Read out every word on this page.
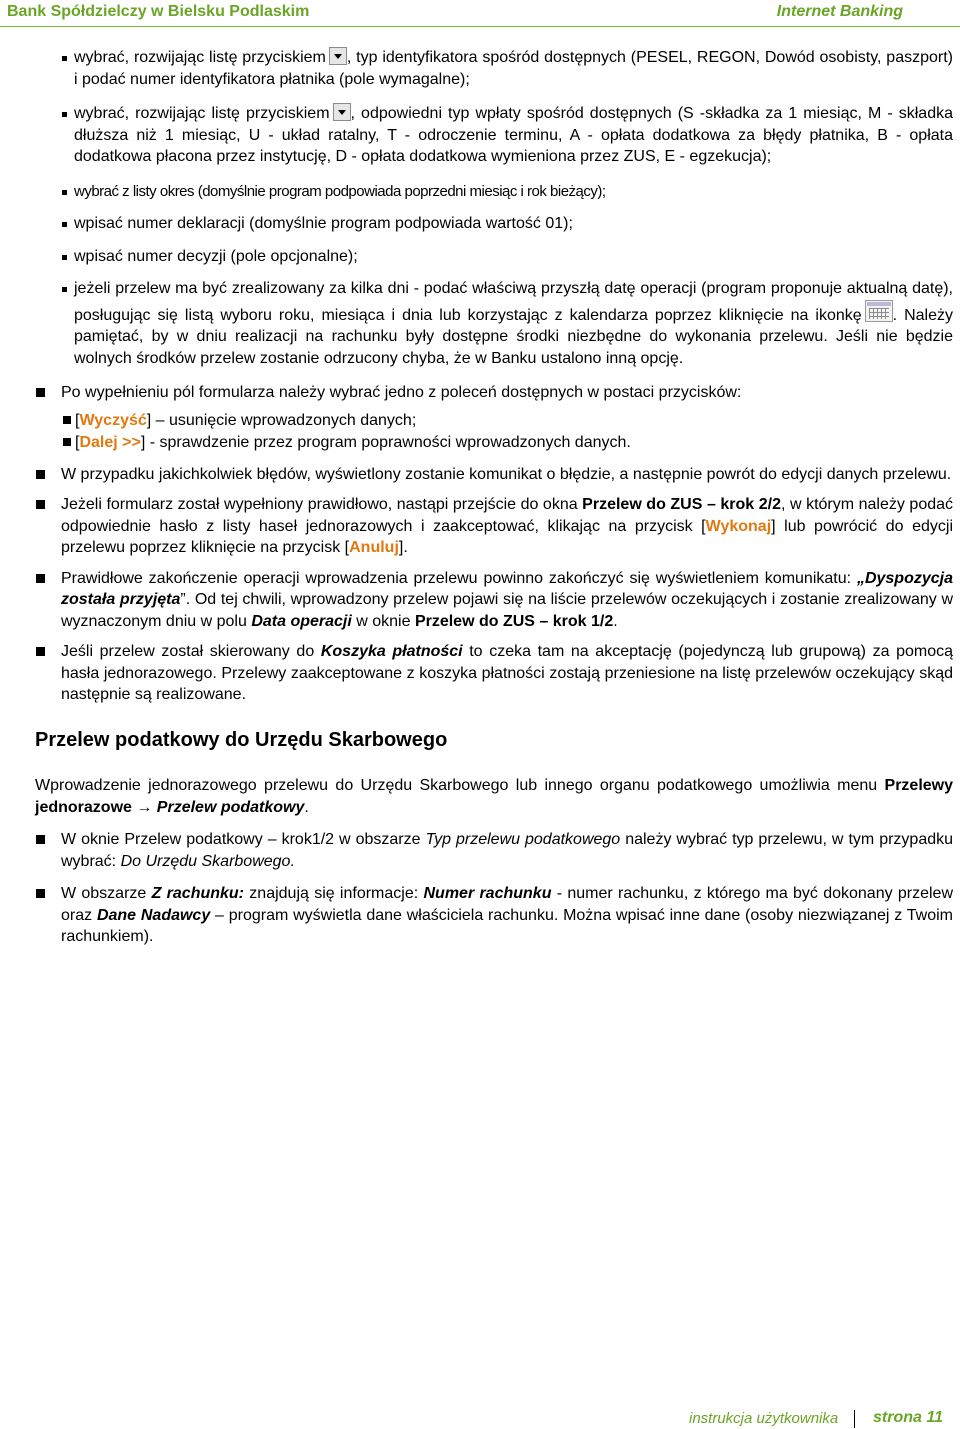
Bank Spółdzielczy w Bielsku Podlaskim	Internet Banking

wybrać, rozwijając listę przyciskiem , typ identyfikatora spośród dostępnych (PESEL, REGON, Dowód osobisty, paszport) i podać numer identyfikatora płatnika (pole wymagalne);

wybrać, rozwijając listę przyciskiem , odpowiedni typ wpłaty spośród dostępnych (S -składka za 1 miesiąc, M - składka dłuższa niż 1 miesiąc, U - układ ratalny, T - odroczenie terminu, A - opłata dodatkowa za błędy płatnika, B - opłata dodatkowa płacona przez instytucję, D - opłata dodatkowa wymieniona przez ZUS, E - egzekucja);

wybrać z listy okres (domyślnie program podpowiada poprzedni miesiąc i rok bieżący);

wpisać numer deklaracji (domyślnie program podpowiada wartość 01);

wpisać numer decyzji (pole opcjonalne);

jeżeli przelew ma być zrealizowany za kilka dni - podać właściwą przyszłą datę operacji (program proponuje aktualną datę), posługując się listą wyboru roku, miesiąca i dnia lub korzystając z kalendarza poprzez kliknięcie na ikonkę . Należy pamiętać, by w dniu realizacji na rachunku były dostępne środki niezbędne do wykonania przelewu. Jeśli nie będzie wolnych środków przelew zostanie odrzucony chyba, że w Banku ustalono inną opcję.

Po wypełnieniu pól formularza należy wybrać jedno z poleceń dostępnych w postaci przycisków:

[Wyczyść] – usunięcie wprowadzonych danych;

[Dalej >>] - sprawdzenie przez program poprawności wprowadzonych danych.

W przypadku jakichkolwiek błędów, wyświetlony zostanie komunikat o błędzie, a następnie powrót do edycji danych przelewu.

Jeżeli formularz został wypełniony prawidłowo, nastąpi przejście do okna Przelew do ZUS – krok 2/2, w którym należy podać odpowiednie hasło z listy haseł jednorazowych i zaakceptować, klikając na przycisk [Wykonaj] lub powrócić do edycji przelewu poprzez kliknięcie na przycisk [Anuluj].

Prawidłowe zakończenie operacji wprowadzenia przelewu powinno zakończyć się wyświetleniem komunikatu: „Dyspozycja została przyjęta”. Od tej chwili, wprowadzony przelew pojawi się na liście przelewów oczekujących i zostanie zrealizowany w wyznaczonym dniu w polu Data operacji w oknie Przelew do ZUS – krok 1/2.

Jeśli przelew został skierowany do Koszyka płatności to czeka tam na akceptację (pojedynczą lub grupową) za pomocą hasła jednorazowego. Przelewy zaakceptowane z koszyka płatności zostają przeniesione na listę przelewów oczekujący skąd następnie są realizowane.

Przelew podatkowy do Urzędu Skarbowego

Wprowadzenie jednorazowego przelewu do Urzędu Skarbowego lub innego organu podatkowego umożliwia menu Przelewy jednorazowe → Przelew podatkowy.

W oknie Przelew podatkowy – krok1/2 w obszarze Typ przelewu podatkowego należy wybrać typ przelewu, w tym przypadku wybrać: Do Urzędu Skarbowego.

W obszarze Z rachunku: znajdują się informacje: Numer rachunku - numer rachunku, z którego ma być dokonany przelew oraz Dane Nadawcy – program wyświetla dane właściciela rachunku. Można wpisać inne dane (osoby niezwiązanej z Twoim rachunkiem).

instrukcja użytkownika strona 11
